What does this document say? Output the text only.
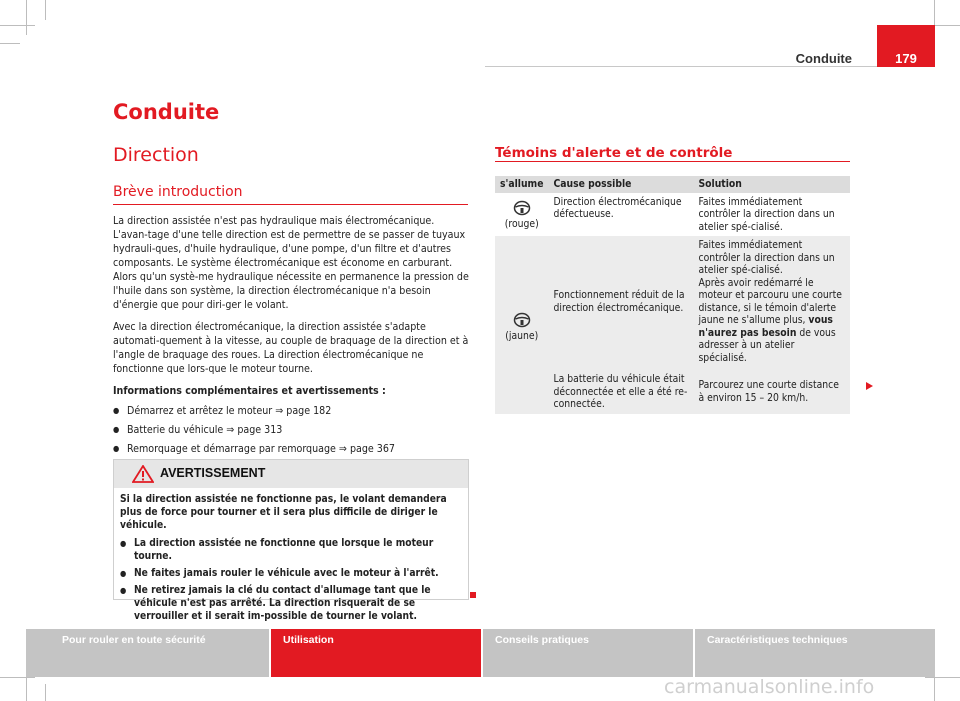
Conduite	179
Conduite
Direction
Brève introduction

La direction assistée n'est pas hydraulique mais électromécanique. L'avan-tage d'une telle direction est de permettre de se passer de tuyaux hydrauli-ques, d'huile hydraulique, d'une pompe, d'un filtre et d'autres composants. Le système électromécanique est économe en carburant. Alors qu'un systè-me hydraulique nécessite en permanence la pression de l'huile dans son système, la direction électromécanique n'a besoin d'énergie que pour diri-ger le volant.

Avec la direction électromécanique, la direction assistée s'adapte automati-quement à la vitesse, au couple de braquage de la direction et à l'angle de braquage des roues. La direction électromécanique ne fonctionne que lors-que le moteur tourne.

Informations complémentaires et avertissements :

● Démarrez et arrêtez le moteur ⇒ page 182
● Batterie du véhicule ⇒ page 313
● Remorquage et démarrage par remorquage ⇒ page 367
AVERTISSEMENT

Si la direction assistée ne fonctionne pas, le volant demandera plus de force pour tourner et il sera plus difficile de diriger le véhicule.

● La direction assistée ne fonctionne que lorsque le moteur tourne.
● Ne faites jamais rouler le véhicule avec le moteur à l'arrêt.
● Ne retirez jamais la clé du contact d'allumage tant que le véhicule n'est pas arrêté. La direction risquerait de se verrouiller et il serait im-possible de tourner le volant.
Témoins d'alerte et de contrôle
s'allume	Cause possible	Solution

(rouge)	Direction électromécanique défectueuse.	Faites immédiatement contrôler la direction dans un atelier spé-cialisé.

(jaune)	Fonctionnement réduit de la direction électromécanique.	Faites immédiatement contrôler la direction dans un atelier spé-cialisé.
Après avoir redémarré le moteur et parcouru une courte distance, si le témoin d'alerte jaune ne s'allume plus, vous n'aurez pas besoin de vous adresser à un atelier spécialisé.

	La batterie du véhicule était déconnectée et elle a été re-connectée.	Parcourez une courte distance à environ 15 – 20 km/h.
Pour rouler en toute sécurité	Utilisation	Conseils pratiques	Caractéristiques techniques
carmanualsonline.info
